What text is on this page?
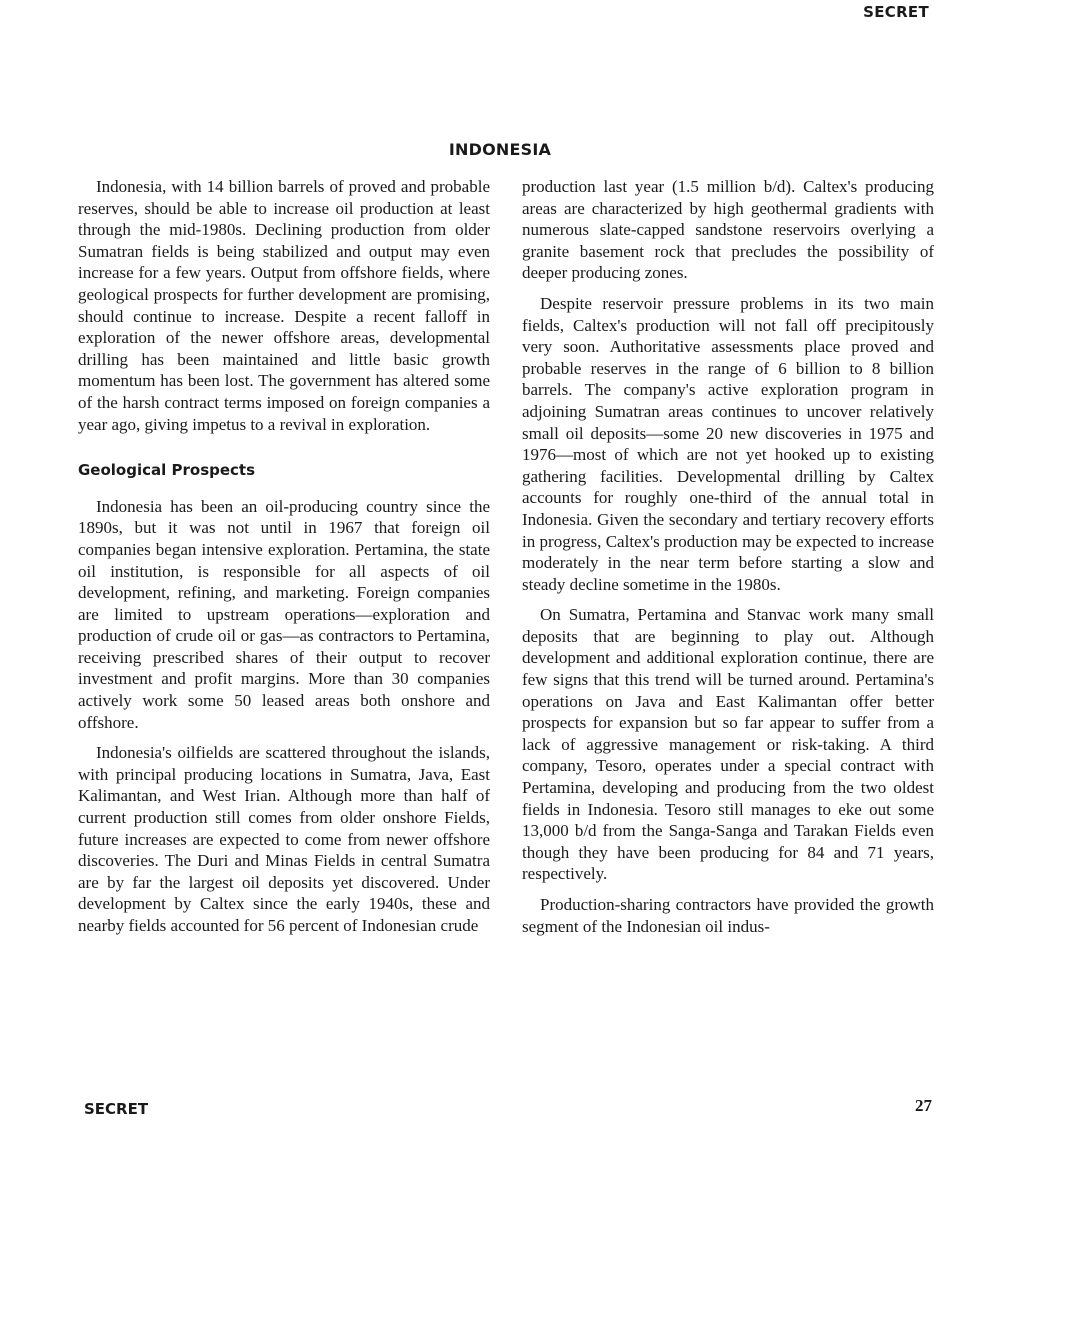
SECRET
INDONESIA

Indonesia, with 14 billion barrels of proved and probable reserves, should be able to increase oil production at least through the mid-1980s. Declining production from older Sumatran fields is being stabilized and output may even increase for a few years. Output from offshore fields, where geological prospects for further development are promising, should continue to increase. Despite a recent falloff in exploration of the newer offshore areas, developmental drilling has been maintained and little basic growth momentum has been lost. The government has altered some of the harsh contract terms imposed on foreign companies a year ago, giving impetus to a revival in exploration.

Geological Prospects

Indonesia has been an oil-producing country since the 1890s, but it was not until in 1967 that foreign oil companies began intensive exploration. Pertamina, the state oil institution, is responsible for all aspects of oil development, refining, and marketing. Foreign companies are limited to upstream operations—exploration and production of crude oil or gas—as contractors to Pertamina, receiving prescribed shares of their output to recover investment and profit margins. More than 30 companies actively work some 50 leased areas both onshore and offshore.

Indonesia's oilfields are scattered throughout the islands, with principal producing locations in Sumatra, Java, East Kalimantan, and West Irian. Although more than half of current production still comes from older onshore Fields, future increases are expected to come from newer offshore discoveries. The Duri and Minas Fields in central Sumatra are by far the largest oil deposits yet discovered. Under development by Caltex since the early 1940s, these and nearby fields accounted for 56 percent of Indonesian crude

production last year (1.5 million b/d). Caltex's producing areas are characterized by high geothermal gradients with numerous slate-capped sandstone reservoirs overlying a granite basement rock that precludes the possibility of deeper producing zones.

Despite reservoir pressure problems in its two main fields, Caltex's production will not fall off precipitously very soon. Authoritative assessments place proved and probable reserves in the range of 6 billion to 8 billion barrels. The company's active exploration program in adjoining Sumatran areas continues to uncover relatively small oil deposits—some 20 new discoveries in 1975 and 1976—most of which are not yet hooked up to existing gathering facilities. Developmental drilling by Caltex accounts for roughly one-third of the annual total in Indonesia. Given the secondary and tertiary recovery efforts in progress, Caltex's production may be expected to increase moderately in the near term before starting a slow and steady decline sometime in the 1980s.

On Sumatra, Pertamina and Stanvac work many small deposits that are beginning to play out. Although development and additional exploration continue, there are few signs that this trend will be turned around. Pertamina's operations on Java and East Kalimantan offer better prospects for expansion but so far appear to suffer from a lack of aggressive management or risk-taking. A third company, Tesoro, operates under a special contract with Pertamina, developing and producing from the two oldest fields in Indonesia. Tesoro still manages to eke out some 13,000 b/d from the Sanga-Sanga and Tarakan Fields even though they have been producing for 84 and 71 years, respectively.

Production-sharing contractors have provided the growth segment of the Indonesian oil indus-

SECRET	27
